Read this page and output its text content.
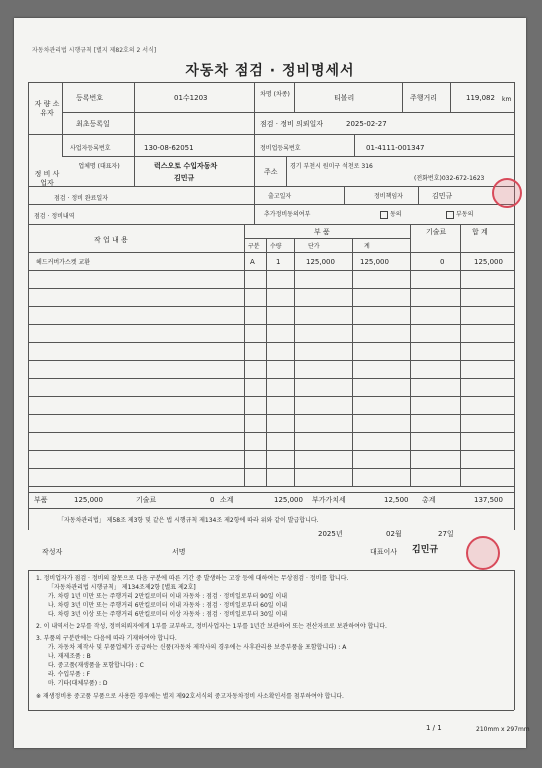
자동차관리법 시행규칙 [별지 제82호의 2 서식]
자동차 점검 · 정비명세서
자 량 소유자
등록번호	01수1203	차명 (차종)	티볼리	주행거리	119,082 km
최초등록일	점검 · 정비 의뢰일자	2025-02-27
정 비 사업자
사업자등록번호	130-08-62051	정비업등록번호	01-4111-001347
업체명 (대표자)	럭스오토 수입자동차
김민규
주소
경기 부천시 원미구 석천로 316
(전화번호)032-672-1623
점검 · 정비 완료일자	출고일자	정비책임자	김민규
점검 · 정비내역	추가정비동의여부	동의	부동의
작 업 내 용
부 품	기술료	합 계
구분 수량	단가	계
헤드커버가스켓 교환	A	1	125,000	125,000	0	125,000
부품	125,000	기술료	0 소계	125,000 부가가치세	12,500 총계	137,500
「자동차관리법」 제58조 제3항 및 같은 법 시행규칙 제134조 제2항에 따라 위와 같이 발급합니다.
2025년	02월	27일
작성자	서명	대표이사 김민규
1. 정비업자가 점검 · 정비의 잘못으로 다음 구분에 따른 기간 중 발생하는 고장 등에 대하여는 무상점검 · 정비를 합니다.
「자동차관리법 시행규칙」 제134조제2항 [별표 제2호]
가. 차령 1년 미만 또는 주행거리 2만킬로미터 이내 자동차 : 점검 · 정비일로부터 90일 이내
나. 차령 3년 미만 또는 주행거리 6만킬로미터 이내 자동차 : 점검 · 정비일로부터 60일 이내
다. 차령 3년 이상 또는 주행거리 6만킬로미터 이상 자동차 : 점검 · 정비일로부터 30일 이내
2. 이 내역서는 2부를 작성, 정비의뢰자에게 1부를 교부하고, 정비사업자는 1부를 1년간 보관하여 또는 전산자료로 보관하여야 합니다.
3. 부품의 구분란에는 다음에 따라 기재하여야 합니다.
가. 자동차 제작사 및 부품업체가 공급하는 신품(자동차 제작사의 경우에는 사후관리용 보증부품을 포함합니다) : A
나. 재제조품 : B
다. 중고품(재생품을 포함합니다) : C
라. 수입부품 : F
마. 기타(대체부품) : D
※ 재생정비용 중고품 부품으로 사용한 경우에는 별지 제92호서식의 중고자동차정비 사소확인서를 첨부하여야 합니다.
1 / 1	210mm x 297mm
